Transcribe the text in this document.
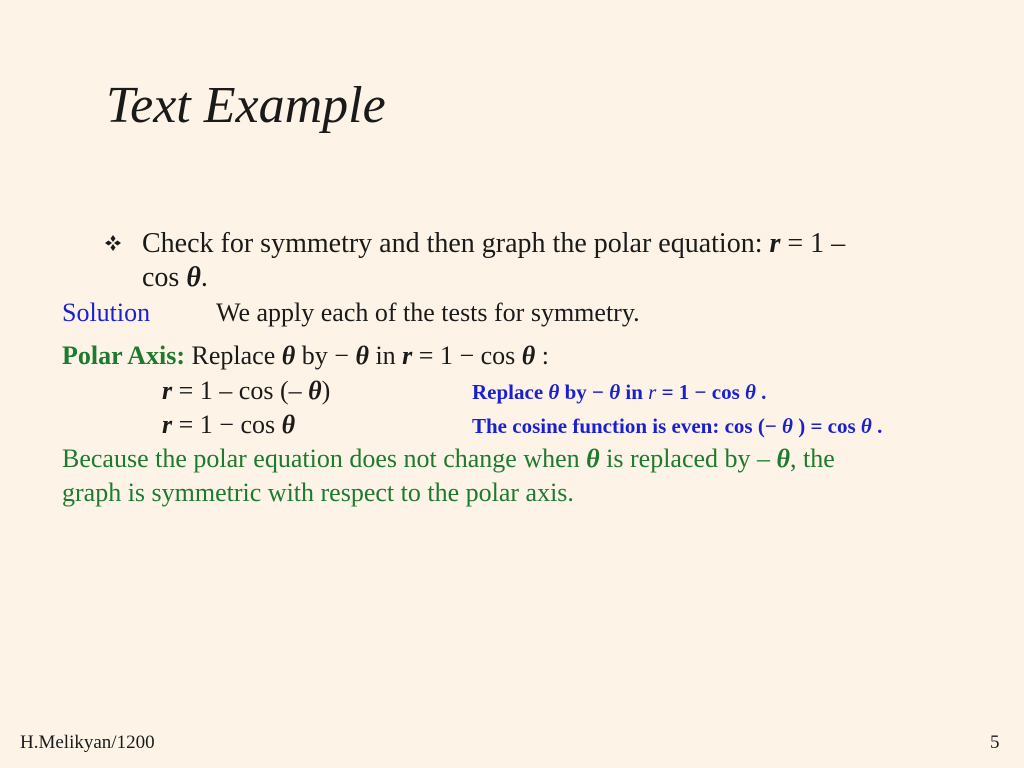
Text Example
Check for symmetry and then graph the polar equation: r = 1 –
cos θ.
Solution	We apply each of the tests for symmetry.
Polar Axis: Replace θ by − θ in r = 1 − cos θ :
r = 1 – cos (– θ)
r = 1 − cos θ
Replace θ by − θ in r = 1 − cos θ .
The cosine function is even: cos (− θ ) = cos θ .
Because the polar equation does not change when θ is replaced by – θ, the
graph is symmetric with respect to the polar axis.
H.Melikyan/1200	5
